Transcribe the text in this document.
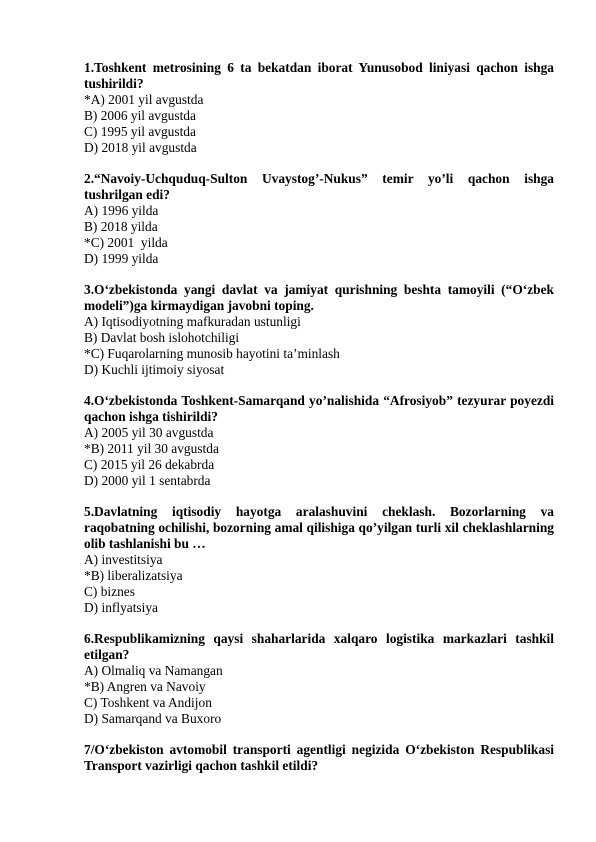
1.Toshkent metrosining 6 ta bekatdan iborat Yunusobod liniyasi qachon ishga tushirildi?
*A) 2001 yil avgustda
B) 2006 yil avgustda
C) 1995 yil avgustda
D) 2018 yil avgustda
2.“Navoiy-Uchquduq-Sulton Uvaystog’-Nukus” temir yo’li qachon ishga tushrilgan edi?
A) 1996 yilda
B) 2018 yilda
*C) 2001  yilda
D) 1999 yilda
3.O‘zbekistonda yangi davlat va jamiyat qurishning beshta tamoyili (“O‘zbek modeli”)ga kirmaydigan javobni toping.
A) Iqtisodiyotning mafkuradan ustunligi
B) Davlat bosh islohotchiligi
*C) Fuqarolarning munosib hayotini ta’minlash
D) Kuchli ijtimoiy siyosat
4.O‘zbekistonda Toshkent-Samarqand yo’nalishida “Afrosiyob” tezyurar poyezdi qachon ishga tishirildi?
A) 2005 yil 30 avgustda
*B) 2011 yil 30 avgustda
C) 2015 yil 26 dekabrda
D) 2000 yil 1 sentabrda
5.Davlatning iqtisodiy hayotga aralashuvini cheklash. Bozorlarning va raqobatning ochilishi, bozorning amal qilishiga qo’yilgan turli xil cheklashlarning olib tashlanishi bu …
A) investitsiya
*B) liberalizatsiya
C) biznes
D) inflyatsiya
6.Respublikamizning qaysi shaharlarida xalqaro logistika markazlari tashkil etilgan?
A) Olmaliq va Namangan
*B) Angren va Navoiy
C) Toshkent va Andijon
D) Samarqand va Buxoro
7/O‘zbekiston avtomobil transporti agentligi negizida O‘zbekiston Respublikasi Transport vazirligi qachon tashkil etildi?
